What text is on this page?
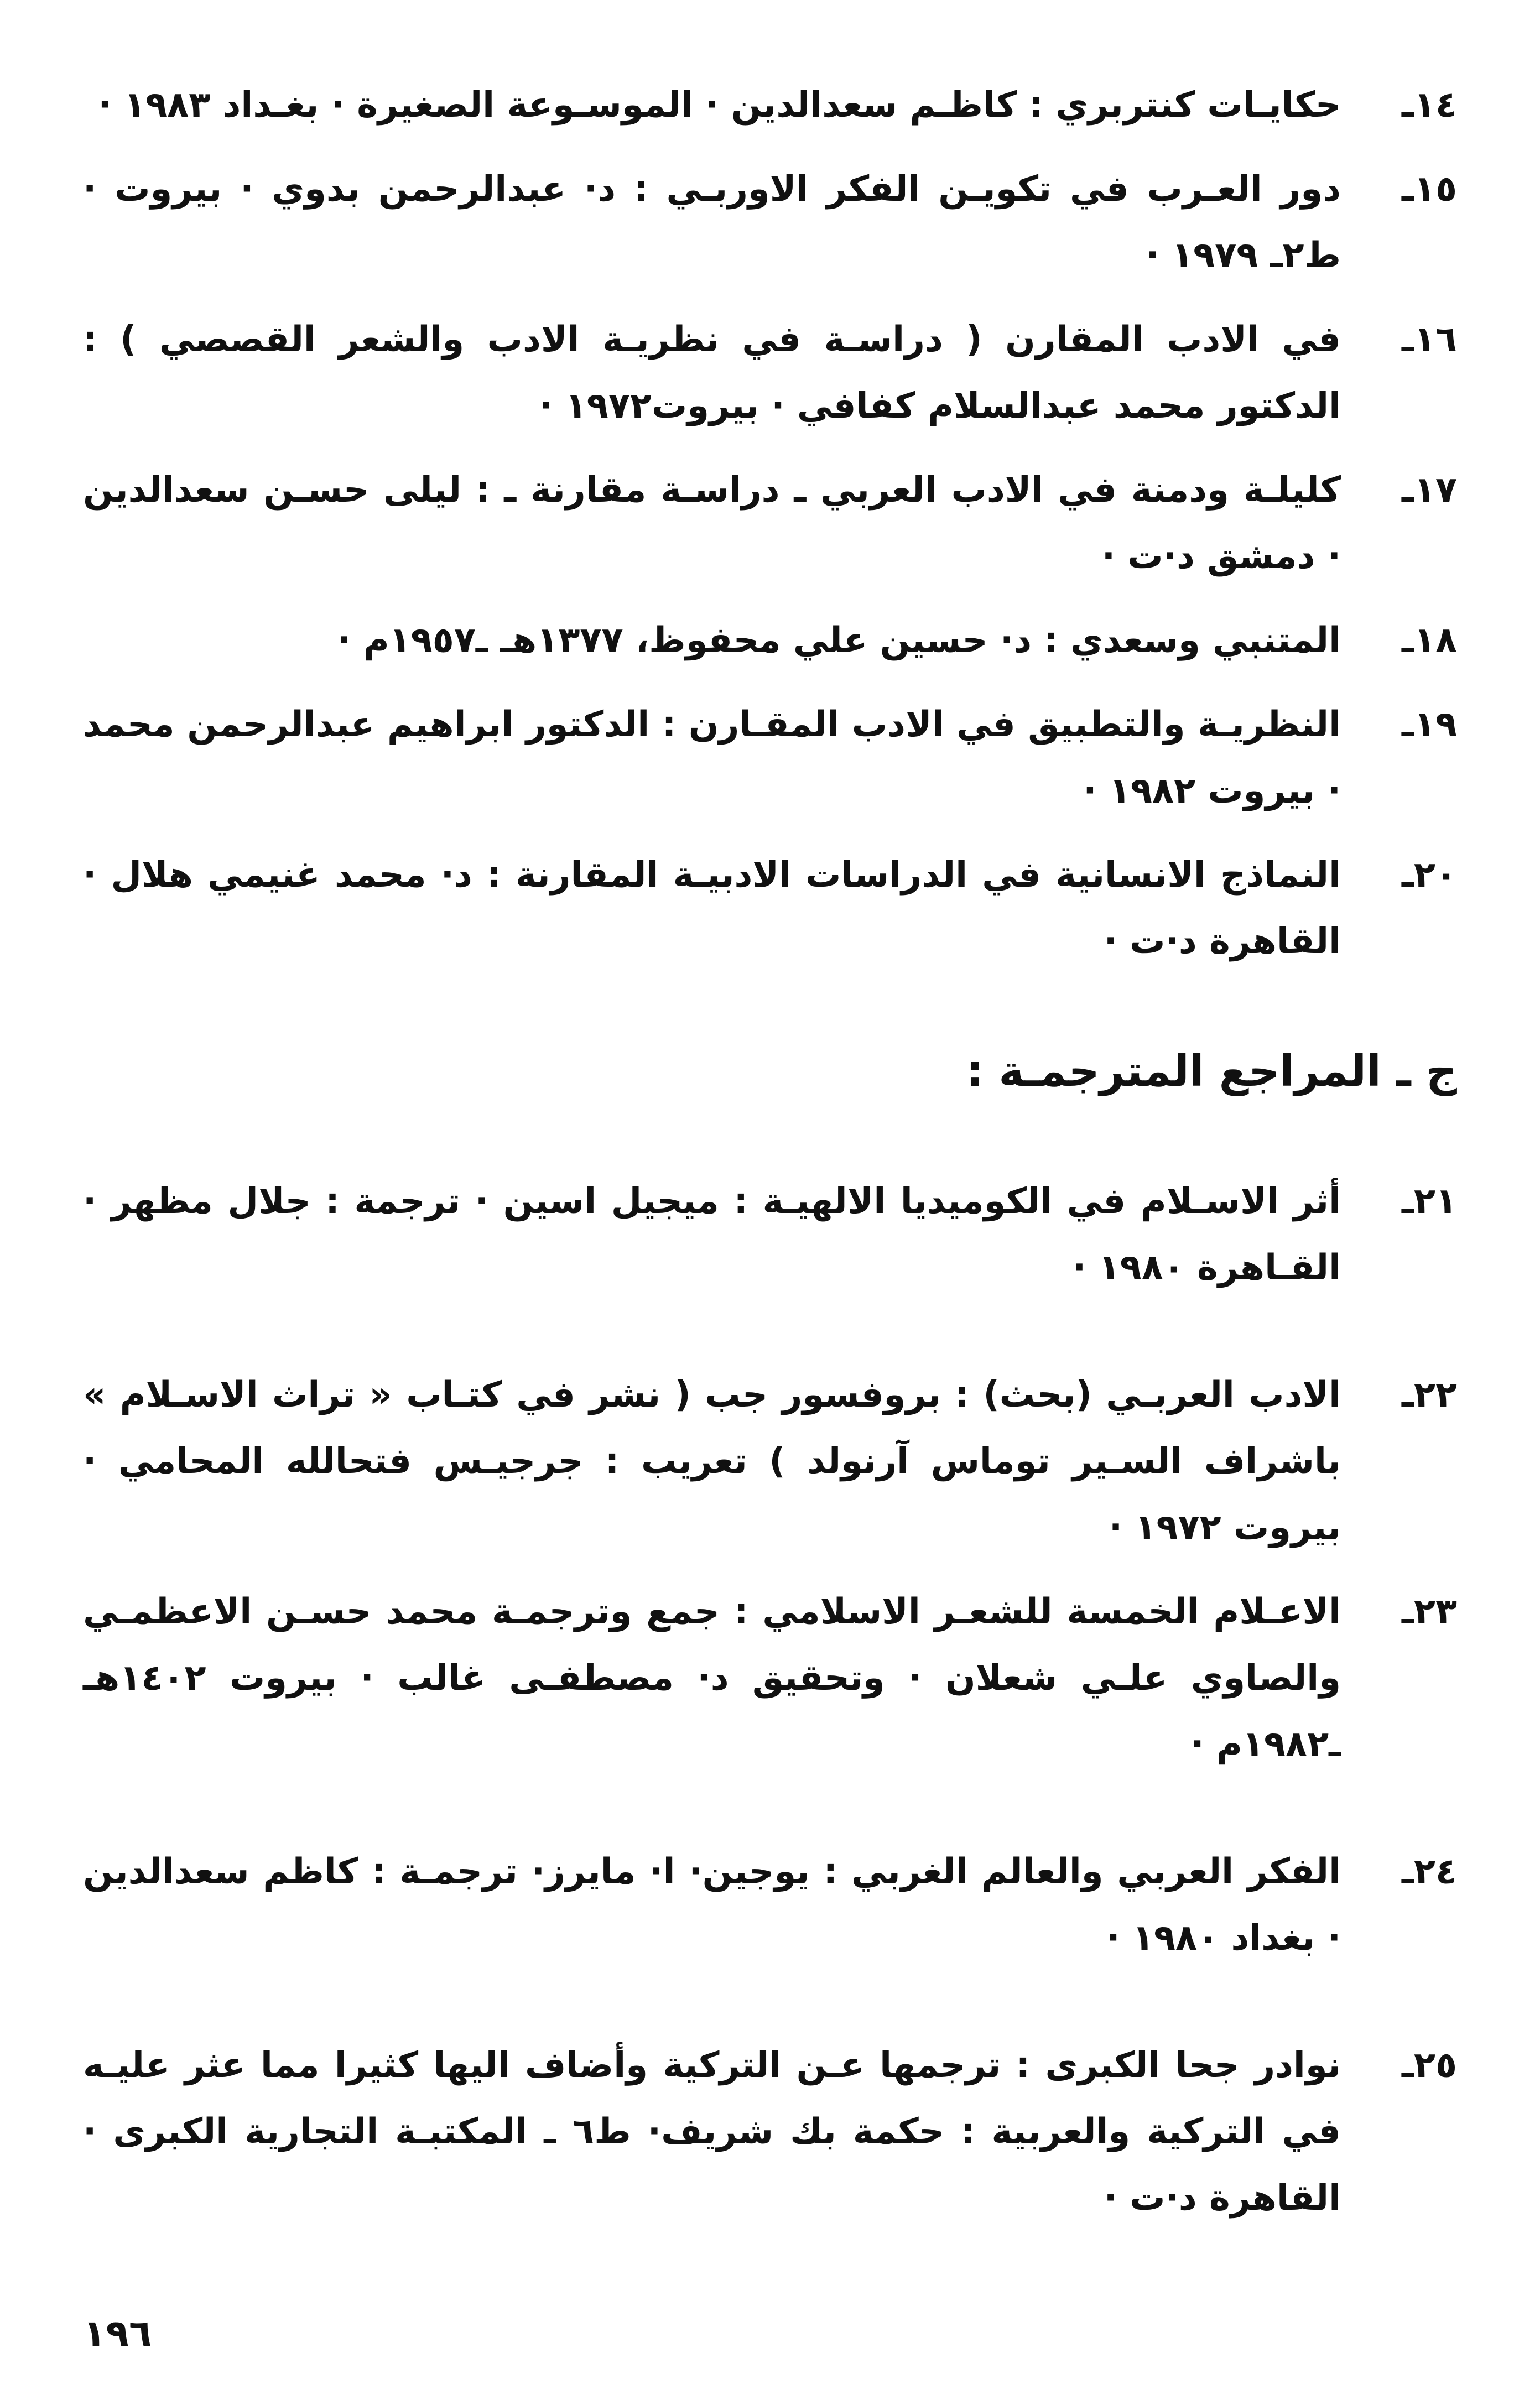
١٤ـ
حكايـات كنتربري : كاظـم سعدالدين · الموسـوعة الصغيرة · بغـداد ١٩٨٣ ·
١٥ـ
دور العـرب في تكويـن الفكر الاوربـي : د· عبدالرحمن بدوي · بيروت · ط٢ـ ١٩٧٩ ·
١٦ـ
في الادب المقارن ( دراسـة في نظريـة الادب والشعر القصصي ) : الدكتور محمد عبدالسلام كفافي · بيروت١٩٧٢ ·
١٧ـ
كليلـة ودمنة في الادب العربي ـ دراسـة مقارنة ـ : ليلى حسـن سعدالدين · دمشق د·ت ·
١٨ـ
المتنبي وسعدي : د· حسين علي محفوظ، ١٣٧٧هـ ـ١٩٥٧م ·
١٩ـ
النظريـة والتطبيق في الادب المقـارن : الدكتور ابراهيم عبدالرحمن محمد · بيروت ١٩٨٢ ·
٢٠ـ
النماذج الانسانية في الدراسات الادبيـة المقارنة : د· محمد غنيمي هلال · القاهرة د·ت ·
ج ـ المراجع المترجمـة :
٢١ـ
أثر الاسـلام في الكوميديا الالهيـة : ميجيل اسين · ترجمة : جلال مظهر · القـاهرة ١٩٨٠ ·
٢٢ـ
الادب العربـي (بحث) : بروفسور جب ( نشر في كتـاب « تراث الاسـلام » باشراف السـير توماس آرنولد ) تعريب : جرجيـس فتحالله المحامي · بيروت ١٩٧٢ ·
٢٣ـ
الاعـلام الخمسة للشعـر الاسلامي : جمع وترجمـة محمد حسـن الاعظمـي والصاوي علـي شعلان · وتحقيق د· مصطفـى غالب · بيروت ١٤٠٢هـ ـ١٩٨٢م ·
٢٤ـ
الفكر العربي والعالم الغربي : يوجين· ا· مايرز· ترجمـة : كاظم سعدالدين · بغداد ١٩٨٠ ·
٢٥ـ
نوادر جحا الكبرى : ترجمها عـن التركية وأضاف اليها كثيرا مما عثر عليـه في التركية والعربية : حكمة بك شريف· ط٦ ـ المكتبـة التجارية الكبرى · القاهرة د·ت ·
١٩٦
